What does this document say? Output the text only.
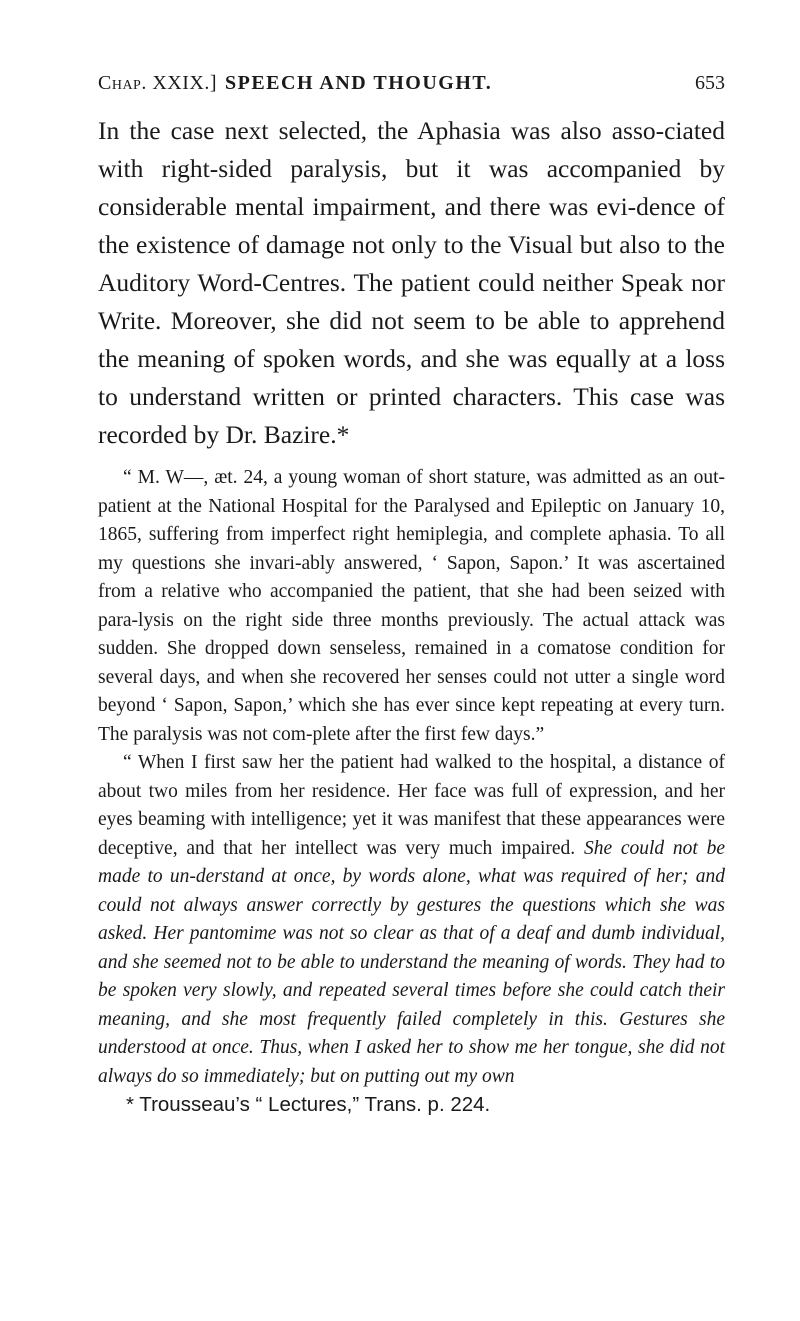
Chap. XXIX.] SPEECH AND THOUGHT.	653

In the case next selected, the Aphasia was also asso-ciated with right-sided paralysis, but it was accompanied by considerable mental impairment, and there was evi-dence of the existence of damage not only to the Visual but also to the Auditory Word-Centres. The patient could neither Speak nor Write. Moreover, she did not seem to be able to apprehend the meaning of spoken words, and she was equally at a loss to understand written or printed characters. This case was recorded by Dr. Bazire.*

“ M. W—, æt. 24, a young woman of short stature, was admitted as an out-patient at the National Hospital for the Paralysed and Epileptic on January 10, 1865, suffering from imperfect right hemiplegia, and complete aphasia. To all my questions she invari-ably answered, ‘ Sapon, Sapon.’ It was ascertained from a relative who accompanied the patient, that she had been seized with para-lysis on the right side three months previously. The actual attack was sudden. She dropped down senseless, remained in a comatose condition for several days, and when she recovered her senses could not utter a single word beyond ‘ Sapon, Sapon,’ which she has ever since kept repeating at every turn. The paralysis was not com-plete after the first few days.”

“ When I first saw her the patient had walked to the hospital, a distance of about two miles from her residence. Her face was full of expression, and her eyes beaming with intelligence; yet it was manifest that these appearances were deceptive, and that her intellect was very much impaired. She could not be made to un-derstand at once, by words alone, what was required of her; and could not always answer correctly by gestures the questions which she was asked. Her pantomime was not so clear as that of a deaf and dumb individual, and she seemed not to be able to understand the meaning of words. They had to be spoken very slowly, and repeated several times before she could catch their meaning, and she most frequently failed completely in this. Gestures she understood at once. Thus, when I asked her to show me her tongue, she did not always do so immediately; but on putting out my own

* Trousseau’s “ Lectures,” Trans. p. 224.
